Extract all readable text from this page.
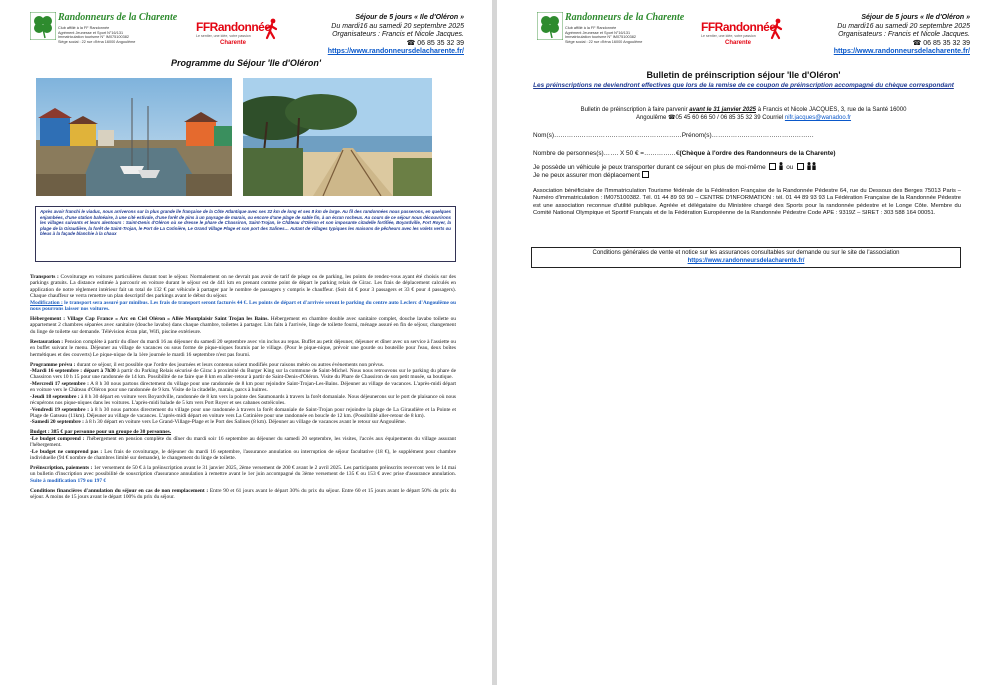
Randonneurs de la Charente
Club affilié à la FF Randonnée
Agrément Jeunesse et Sport N°16/131
Immatriculation tourisme N° IM075100382
Siège social : 22 rue d'Iéna 16000 Angoulême
FFRandonnée
Le sentier, une idée, votre passion
Charente
Séjour de 5 jours « Ile d'Oléron »
Du mardi16 au samedi 20 septembre 2025
Organisateurs : Francis et Nicole Jacques.
☎ 06 85 35 32 39
https://www.randonneursdelacharente.fr/
Programme du Séjour 'Ile d'Oléron'
Après avoir franchi le viaduc, nous arriverons sur la plus grande île française de la Côte Atlantique avec ses 32 km de long et ses 8 km de large. Au fil des randonnées nous passerons, en quelques enjambées, d'une station balnéaire, à une cité estivale, d'une forêt de pins à un paysage de marais, ou encore d'une plage de sable fin, à un écran rocheux. Au cours de ce séjour nous découvrirons les villages suivants et leurs alentours : Saint-Denis d'Oléron où se dresse le phare de Chassiron, Saint-Trojan, le Château d'Oléron et son imposante citadelle fortifiée, Boyardville, Fort Royer, la plage de la Giraudière, la forêt de Saint-Trojan, le Port de La Cotinière, Le Grand Village Plage et son port des Salines… Autant de villages typiques les maisons de pêcheurs avec les volets verts ou bleus à la façade blanchie à la chaux

Transports : Covoiturage en voitures particulières durant tout le séjour. Normalement on ne devrait pas avoir de tarif de péage ou de parking, les points de rendez-vous ayant été choisis sur des parkings gratuits. La distance estimée à parcourir en voiture durant le séjour est de 441 km en prenant comme point de départ le parking relais de Girac. Les frais de déplacement calculés en application de notre règlement intérieur fait un total de 132 € par véhicule à partager par le nombre de passagers y compris le chauffeur. (Soit 44 € pour 3 passagers et 33 € pour 4 passagers). Chaque chauffeur se verra remettre un plan descriptif des parkings avant le début du séjour.

Modification : le transport sera assuré par minibus. Les frais de transport seront facturés 44 €. Les points de départ et d'arrivée seront le parking du centre auto Leclerc d'Angoulême ou nous pourrons laisser nos voitures.

Hébergement : Village Cap France « Arc en Ciel Oléron » Allée Montplaisir Saint Trojan les Bains. Hébergement en chambre double avec sanitaire complet, douche lavabo toilette ou appartement 2 chambres séparées avec sanitaire (douche lavabo) dans chaque chambre, toilettes à partager. Lits faits à l'arrivée, linge de toilette fourni, ménage assuré en fin de séjour, changement du linge de toilette sur demande. Télévision écran plat, Wifi, piscine extérieure.

Restauration : Pension complète à partir du dîner du mardi 16 au déjeuner du samedi 20 septembre avec vin inclus au repas. Buffet au petit déjeuner, déjeuner et dîner avec un service à l'assiette ou en buffet suivant le menu. Déjeuner au village de vacances ou sous forme de pique-niques fournis par le village. (Pour le pique-nique, prévoir une gourde ou bouteille pour l'eau, deux boîtes hermétiques et des couverts) Le pique-nique de la 1ère journée le mardi 16 septembre n'est pas fourni.

Programme prévu : durant ce séjour, il est possible que l'ordre des journées et leurs contenus soient modifiés pour raisons météo ou autres évènements non prévus.

-Mardi 16 septembre : départ à 7h30 à partir du Parking Relais sécurisé de Girac à proximité du Burger King sur la commune de Saint-Michel. Nous nous retrouvons sur le parking du phare de Chassiron vers 10 h 15 pour une randonnée de 14 km. Possibilité de ne faire que 8 km en aller-retour à partir de Saint-Denis-d'Oléron. Visite du Phare de Chassiron de son petit musée, sa boutique.

-Mercredi 17 septembre : A 8 h 30 nous partons directement du village pour une randonnée de 8 km pour rejoindre Saint-Trojan-Les-Bains. Déjeuner au village de vacances. L'après-midi départ en voiture vers le Château d'Oléron pour une randonnée de 9 km. Visite de la citadelle, marais, parcs à huitres.

-Jeudi 18 septembre : à 8 h 30 départ en voiture vers Boyardville, randonnée de 8 km vers la pointe des Saumonards à travers la forêt domaniale. Nous déjeunerons sur le port de plaisance où nous récupérons nos pique-niques dans les voitures. L'après-midi balade de 5 km vers Port Royer et ses cabanes ostréicoles.

-Vendredi 19 septembre : à 8 h 30 nous partons directement du village pour une randonnée à travers la forêt domaniale de Saint-Trojan pour rejoindre la plage de La Giraudière et la Pointe et Plage de Gatseau (11km). Déjeuner au village de vacances. L'après-midi départ en voiture vers La Cotinière pour une randonnée en boucle de 12 km. (Possibilité aller-retour de 8 km).

-Samedi 20 septembre : à 8 h 30 départ en voiture vers Le Grand-Village-Plage et le Port des Salines (8 km). Déjeuner au village de vacances avant le retour sur Angoulême.

Budget : 385 € par personne pour un groupe de 30 personnes.

-Le budget comprend : l'hébergement en pension complète du dîner du mardi soir 16 septembre au déjeuner du samedi 20 septembre, les visites, l'accès aux équipements du village assurant l'hébergement.

-Le budget ne comprend pas : Les frais de covoiturage, le déjeuner du mardi 16 septembre, l'assurance annulation ou interruption de séjour facultative (18 €), le supplément pour chambre individuelle (94 € nombre de chambres limité sur demande), le changement du linge de toilette.

Préinscription, paiements : 1er versement de 50 € à la préinscription avant le 31 janvier 2025, 2ème versement de 200 € avant le 2 avril 2025. Les participants préinscrits recevront vers le 14 mai un bulletin d'inscription avec possibilité de souscription d'assurance annulation à remettre avant le 1er juin accompagné du 3ème versement de 135 € ou 153 € avec prise d'assurance annulation. Suite à modification 179 ou 197 €

Conditions financières d'annulation du séjour en cas de non remplacement : Entre 90 et 61 jours avant le départ 30% du prix du séjour. Entre 60 et 15 jours avant le départ 50% du prix du séjour. A moins de 15 jours avant le départ 100% du prix du séjour.

Randonneurs de la Charente
Club affilié à la FF Randonnée
Agrément Jeunesse et Sport N°16/131
Immatriculation tourisme N° IM075100382
Siège social : 22 rue d'Iéna 16000 Angoulême
FFRandonnée
Le sentier, une idée, votre passion
Charente
Séjour de 5 jours « Ile d'Oléron »
Du mardi16 au samedi 20 septembre 2025
Organisateurs : Francis et Nicole Jacques.
☎ 06 85 35 32 39
https://www.randonneursdelacharente.fr/
Bulletin de préinscription séjour 'Ile d'Oléron'
Les préinscriptions ne deviendront effectives que lors de la remise de ce coupon de préinscription accompagné du chèque correspondant
Bulletin de préinscription à faire parvenir avant le 31 janvier 2025 à Francis et Nicole JACQUES, 3, rue de la Santé 16000
Angoulême ☎05 45 60 66 50 / 06 85 35 32 39 Courriel nifr.jacques@wanadoo.fr
Nom(s)……………………………………………………Prénom(s)…………………………………………
Nombre de personnes(s)……. X 50 € =……………€(Chèque à l'ordre des Randonneurs de la Charente)
Je possède un véhicule je peux transporter durant ce séjour en plus de moi-même	ou
Je ne peux assurer mon déplacement
Association bénéficiaire de l'Immatriculation Tourisme fédérale de la Fédération Française de la Randonnée Pédestre 64, rue du Dessous des Berges 75013 Paris – Numéro d'immatriculation : IM075100382. Tél. 01 44 89 93 90 – CENTRE D'INFORMATION : tél. 01 44 89 93 93 La Fédération Française de la Randonnée Pédestre est une association reconnue d'utilité publique. Agréée et délégataire du Ministère chargé des Sports pour la randonnée pédestre et le Longe Côte. Membre du Comité National Olympique et Sportif Français et de la Fédération Européenne de la Randonnée Pédestre Code APE : 9319Z – SIRET : 303 588 164 00051.
Conditions générales de vente et notice sur les assurances consultables sur demande ou sur le site de l'association
https://www.randonneursdelacharente.fr/
